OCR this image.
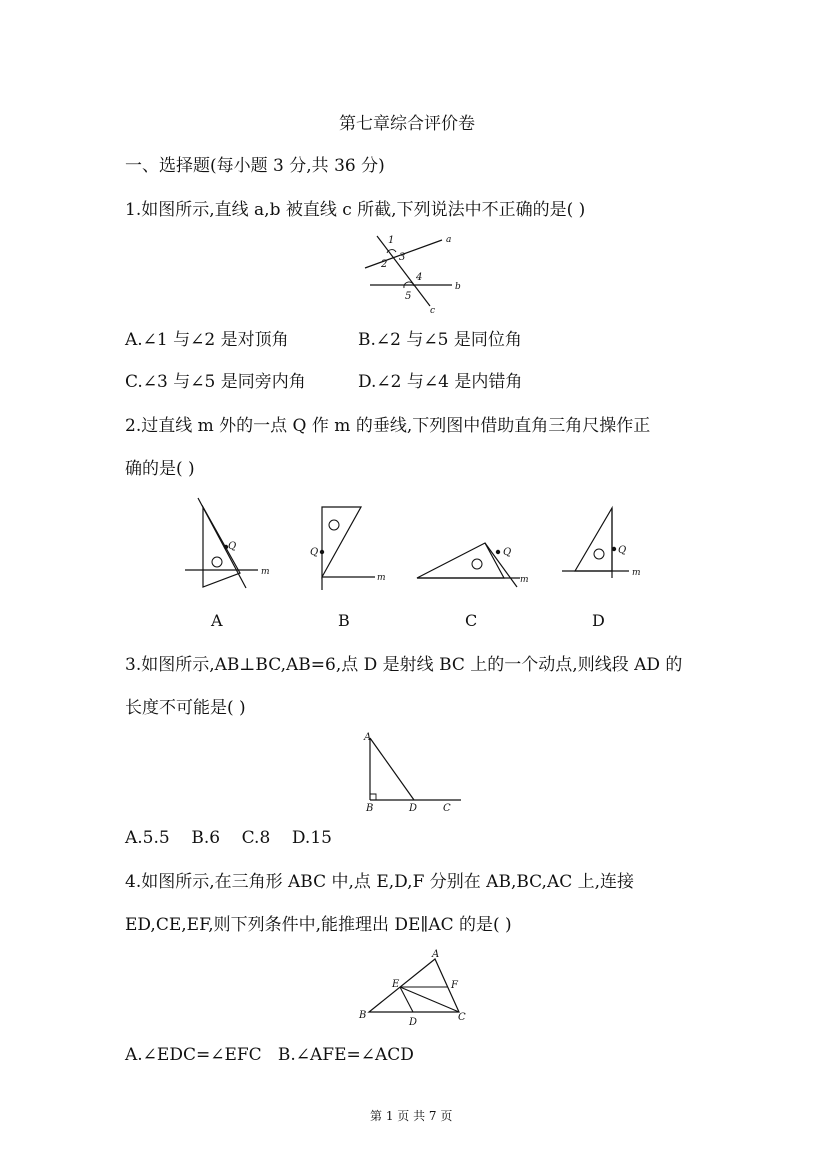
第七章综合评价卷
一、选择题(每小题 3 分,共 36 分)
1.如图所示,直线 a,b 被直线 c 所截,下列说法中不正确的是( )
1
2
3
4
5
a
b
c
A.∠1 与∠2 是对顶角	B.∠2 与∠5 是同位角
C.∠3 与∠5 是同旁内角	D.∠2 与∠4 是内错角
2.过直线 m 外的一点 Q 作 m 的垂线,下列图中借助直角三角尺操作正
确的是( )
Q
m
A
Q
m
B
Q
m
C
Q
m
D
3.如图所示,AB⊥BC,AB=6,点 D 是射线 BC 上的一个动点,则线段 AD 的
长度不可能是( )
A
B	D	C
A.5.5    B.6    C.8    D.15
4.如图所示,在三角形 ABC 中,点 E,D,F 分别在 AB,BC,AC 上,连接
ED,CE,EF,则下列条件中,能推理出 DE∥AC 的是( )
A
E	F
B
D	C
A.∠EDC=∠EFC   B.∠AFE=∠ACD
第 1 页 共 7 页
